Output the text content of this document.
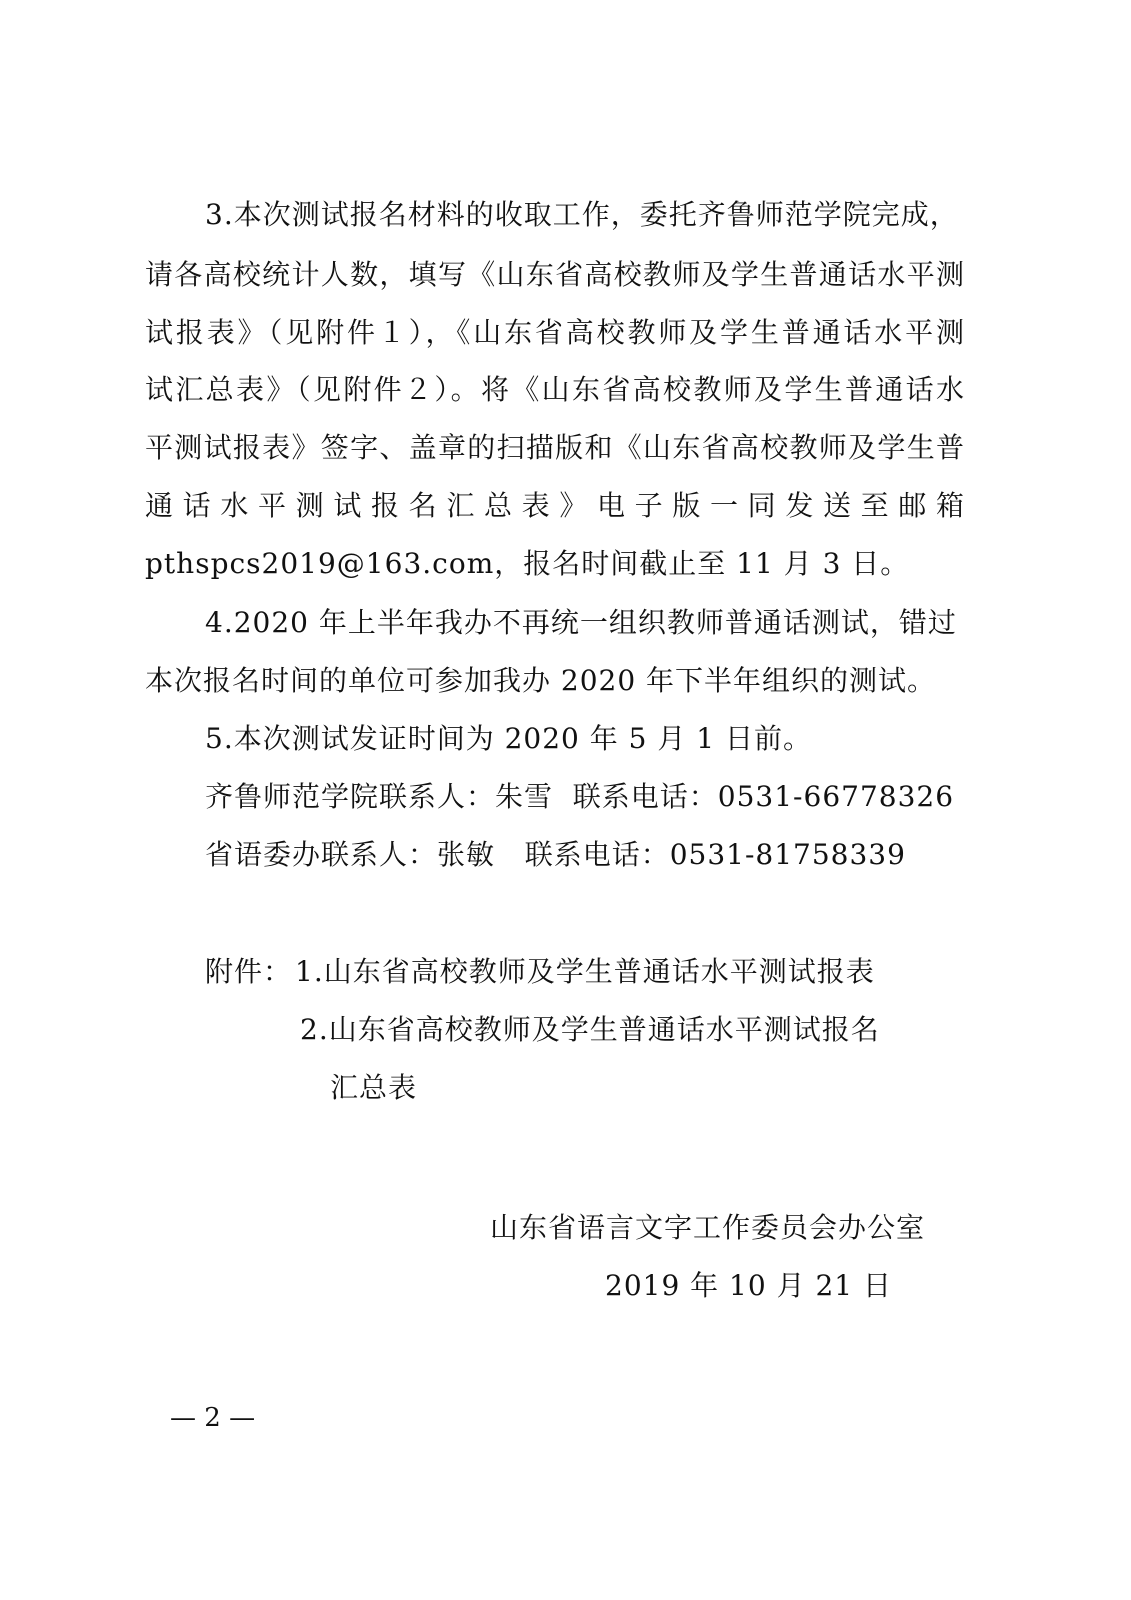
3.本次测试报名材料的收取工作，委托齐鲁师范学院完成，
请各高校统计人数，填写《山东省高校教师及学生普通话水平测
试报表》（见附件１），《山东省高校教师及学生普通话水平测
试汇总表》（见附件２）。将《山东省高校教师及学生普通话水
平测试报表》签字、盖章的扫描版和《山东省高校教师及学生普
通话水平测试报名汇总表》电子版一同发送至邮箱
pthspcs2019@163.com，报名时间截止至 11 月 3 日。
4.2020 年上半年我办不再统一组织教师普通话测试，错过
本次报名时间的单位可参加我办 2020 年下半年组织的测试。
5.本次测试发证时间为 2020 年 5 月 1 日前。
齐鲁师范学院联系人：朱雪  联系电话：0531-66778326
省语委办联系人：张敏   联系电话：0531-81758339
附件： 1.山东省高校教师及学生普通话水平测试报表
2.山东省高校教师及学生普通话水平测试报名
汇总表
山东省语言文字工作委员会办公室
2019 年 10 月 21 日
— 2 —
